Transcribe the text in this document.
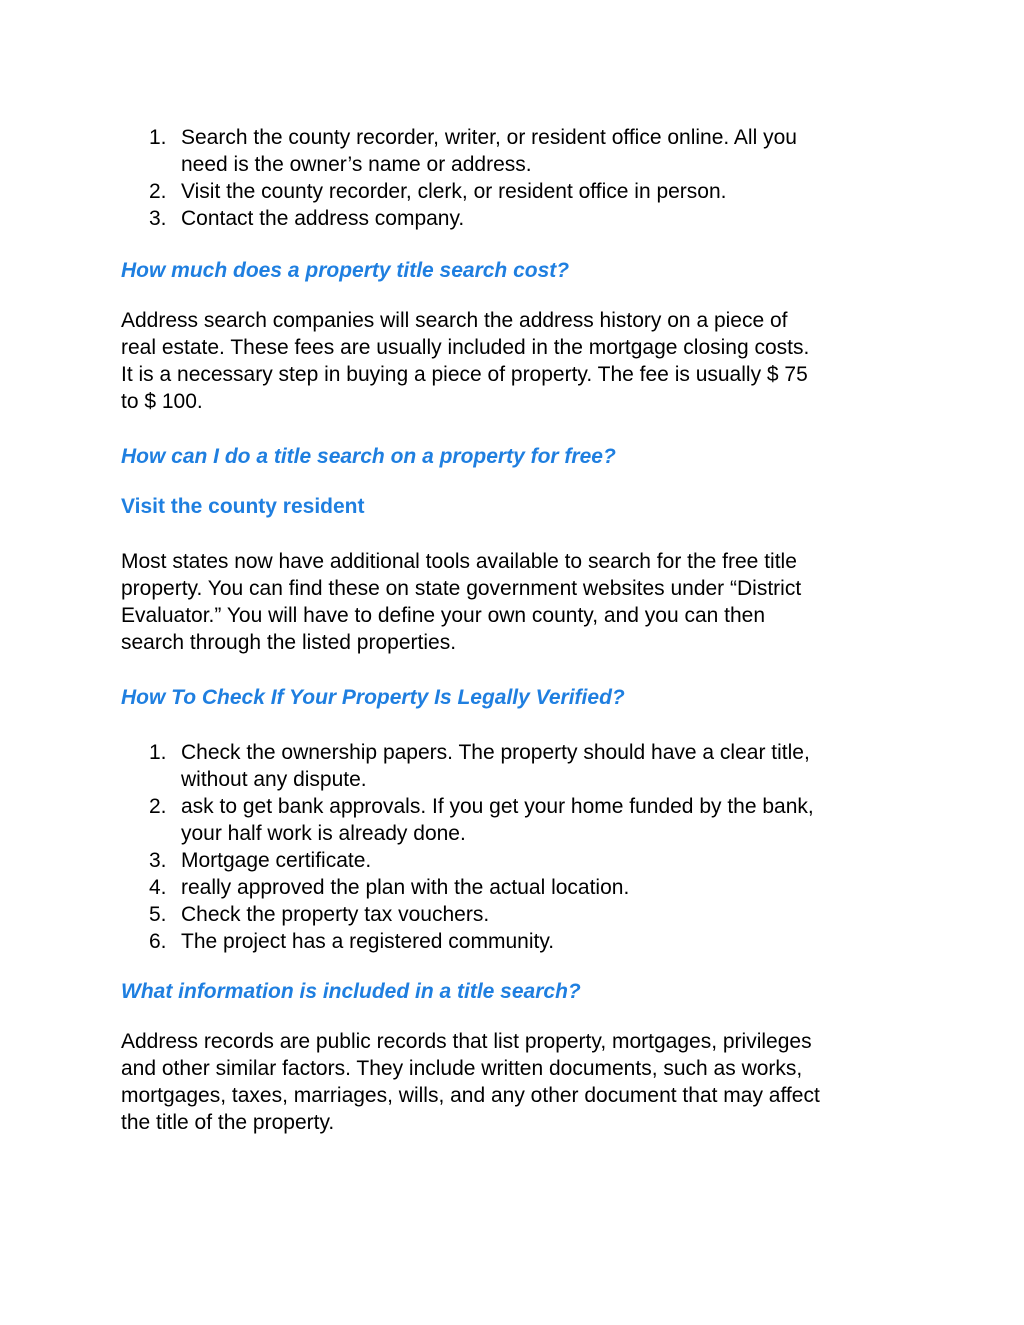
1. Search the county recorder, writer, or resident office online. All you
need is the owner’s name or address.
2. Visit the county recorder, clerk, or resident office in person.
3. Contact the address company.
How much does a property title search cost?

Address search companies will search the address history on a piece of
real estate. These fees are usually included in the mortgage closing costs.
It is a necessary step in buying a piece of property. The fee is usually $ 75
to $ 100.

How can I do a title search on a property for free?
Visit the county resident

Most states now have additional tools available to search for the free title
property. You can find these on state government websites under “District
Evaluator.” You will have to define your own county, and you can then
search through the listed properties.

How To Check If Your Property Is Legally Verified?
1. Check the ownership papers. The property should have a clear title,
without any dispute.
2. ask to get bank approvals. If you get your home funded by the bank,
your half work is already done.
3. Mortgage certificate.
4. really approved the plan with the actual location.
5. Check the property tax vouchers.
6. The project has a registered community.
What information is included in a title search?

Address records are public records that list property, mortgages, privileges
and other similar factors. They include written documents, such as works,
mortgages, taxes, marriages, wills, and any other document that may affect
the title of the property.
